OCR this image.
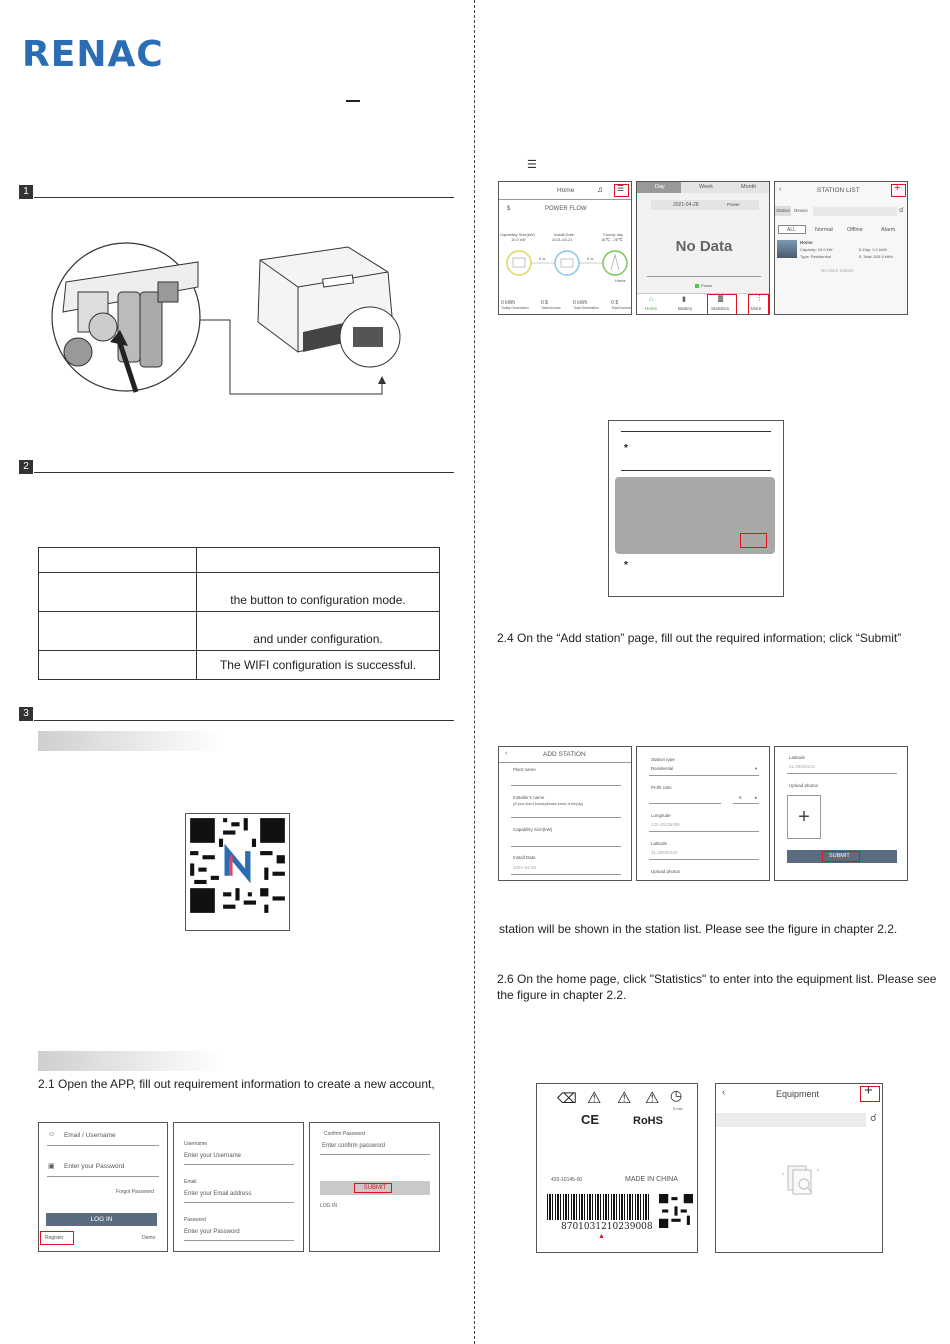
RENAC
1
2

	the button to configuration mode.
	and under configuration.
	The WIFI configuration is successful.
3
2.1 Open the APP, fill out requirement information to create a new account,
☺ Email / Username
▣ Enter your Password
Forgot Password
LOG IN
Register	Demo
Username
Enter your Username
Email
Enter your Email address
Password
Enter your Password
Confirm Password
Enter confirm password
SUBMIT
LOG IN
☰
Home	♫ ☰
$	POWER FLOW
Capability Size(kW)
10.0 kW
Install Date
2021-04-21
Cloudy day
16℃ - 25℃
0 w	0 w
Home
0 kWh
Today Generation
0 $
Total Income
0 kWh
Total Generation
0 $
Total Income
Day	Week	Month
2021-04-28	Power
No Data
Power
Home	Battery	Statistics	More
⌂	▮	▓	⋮
‹	STATION LIST	+
Station Device	☌
ALL	Normal	Offline	Alarm
Home
Capacity: 10.0 kW
Type: Residential
E-Day: 0.2 kWh
E-Total: 525.9 kWh
No More Station
*
*
2.4 On the “Add station” page, fill out the required information; click “Submit”
‹	ADD STATION
Plant name
Installer's name
(If you don't know,please keep it empty)
Capability Size(kW)
Install Date
2021-04-28
Station type
Residential	▾
Profit ratio
¥	▸
Longitude
120.49135389
Latitude
31.29846242
Upload photos
Latitude
31.29846242
Upload photos
+
SUBMIT
station will be shown in the station list. Please see the figure in chapter 2.2.
2.6 On the home page, click "Statistics" to enter into the equipment list. Please see
the figure in chapter 2.2.
⌫ ⚠ ⚠ ⚠ ◷
5 min
CE	RoHS
420-10145-00	MADE IN CHINA
8701031210239008
▲
‹	Equipment	+
☌
